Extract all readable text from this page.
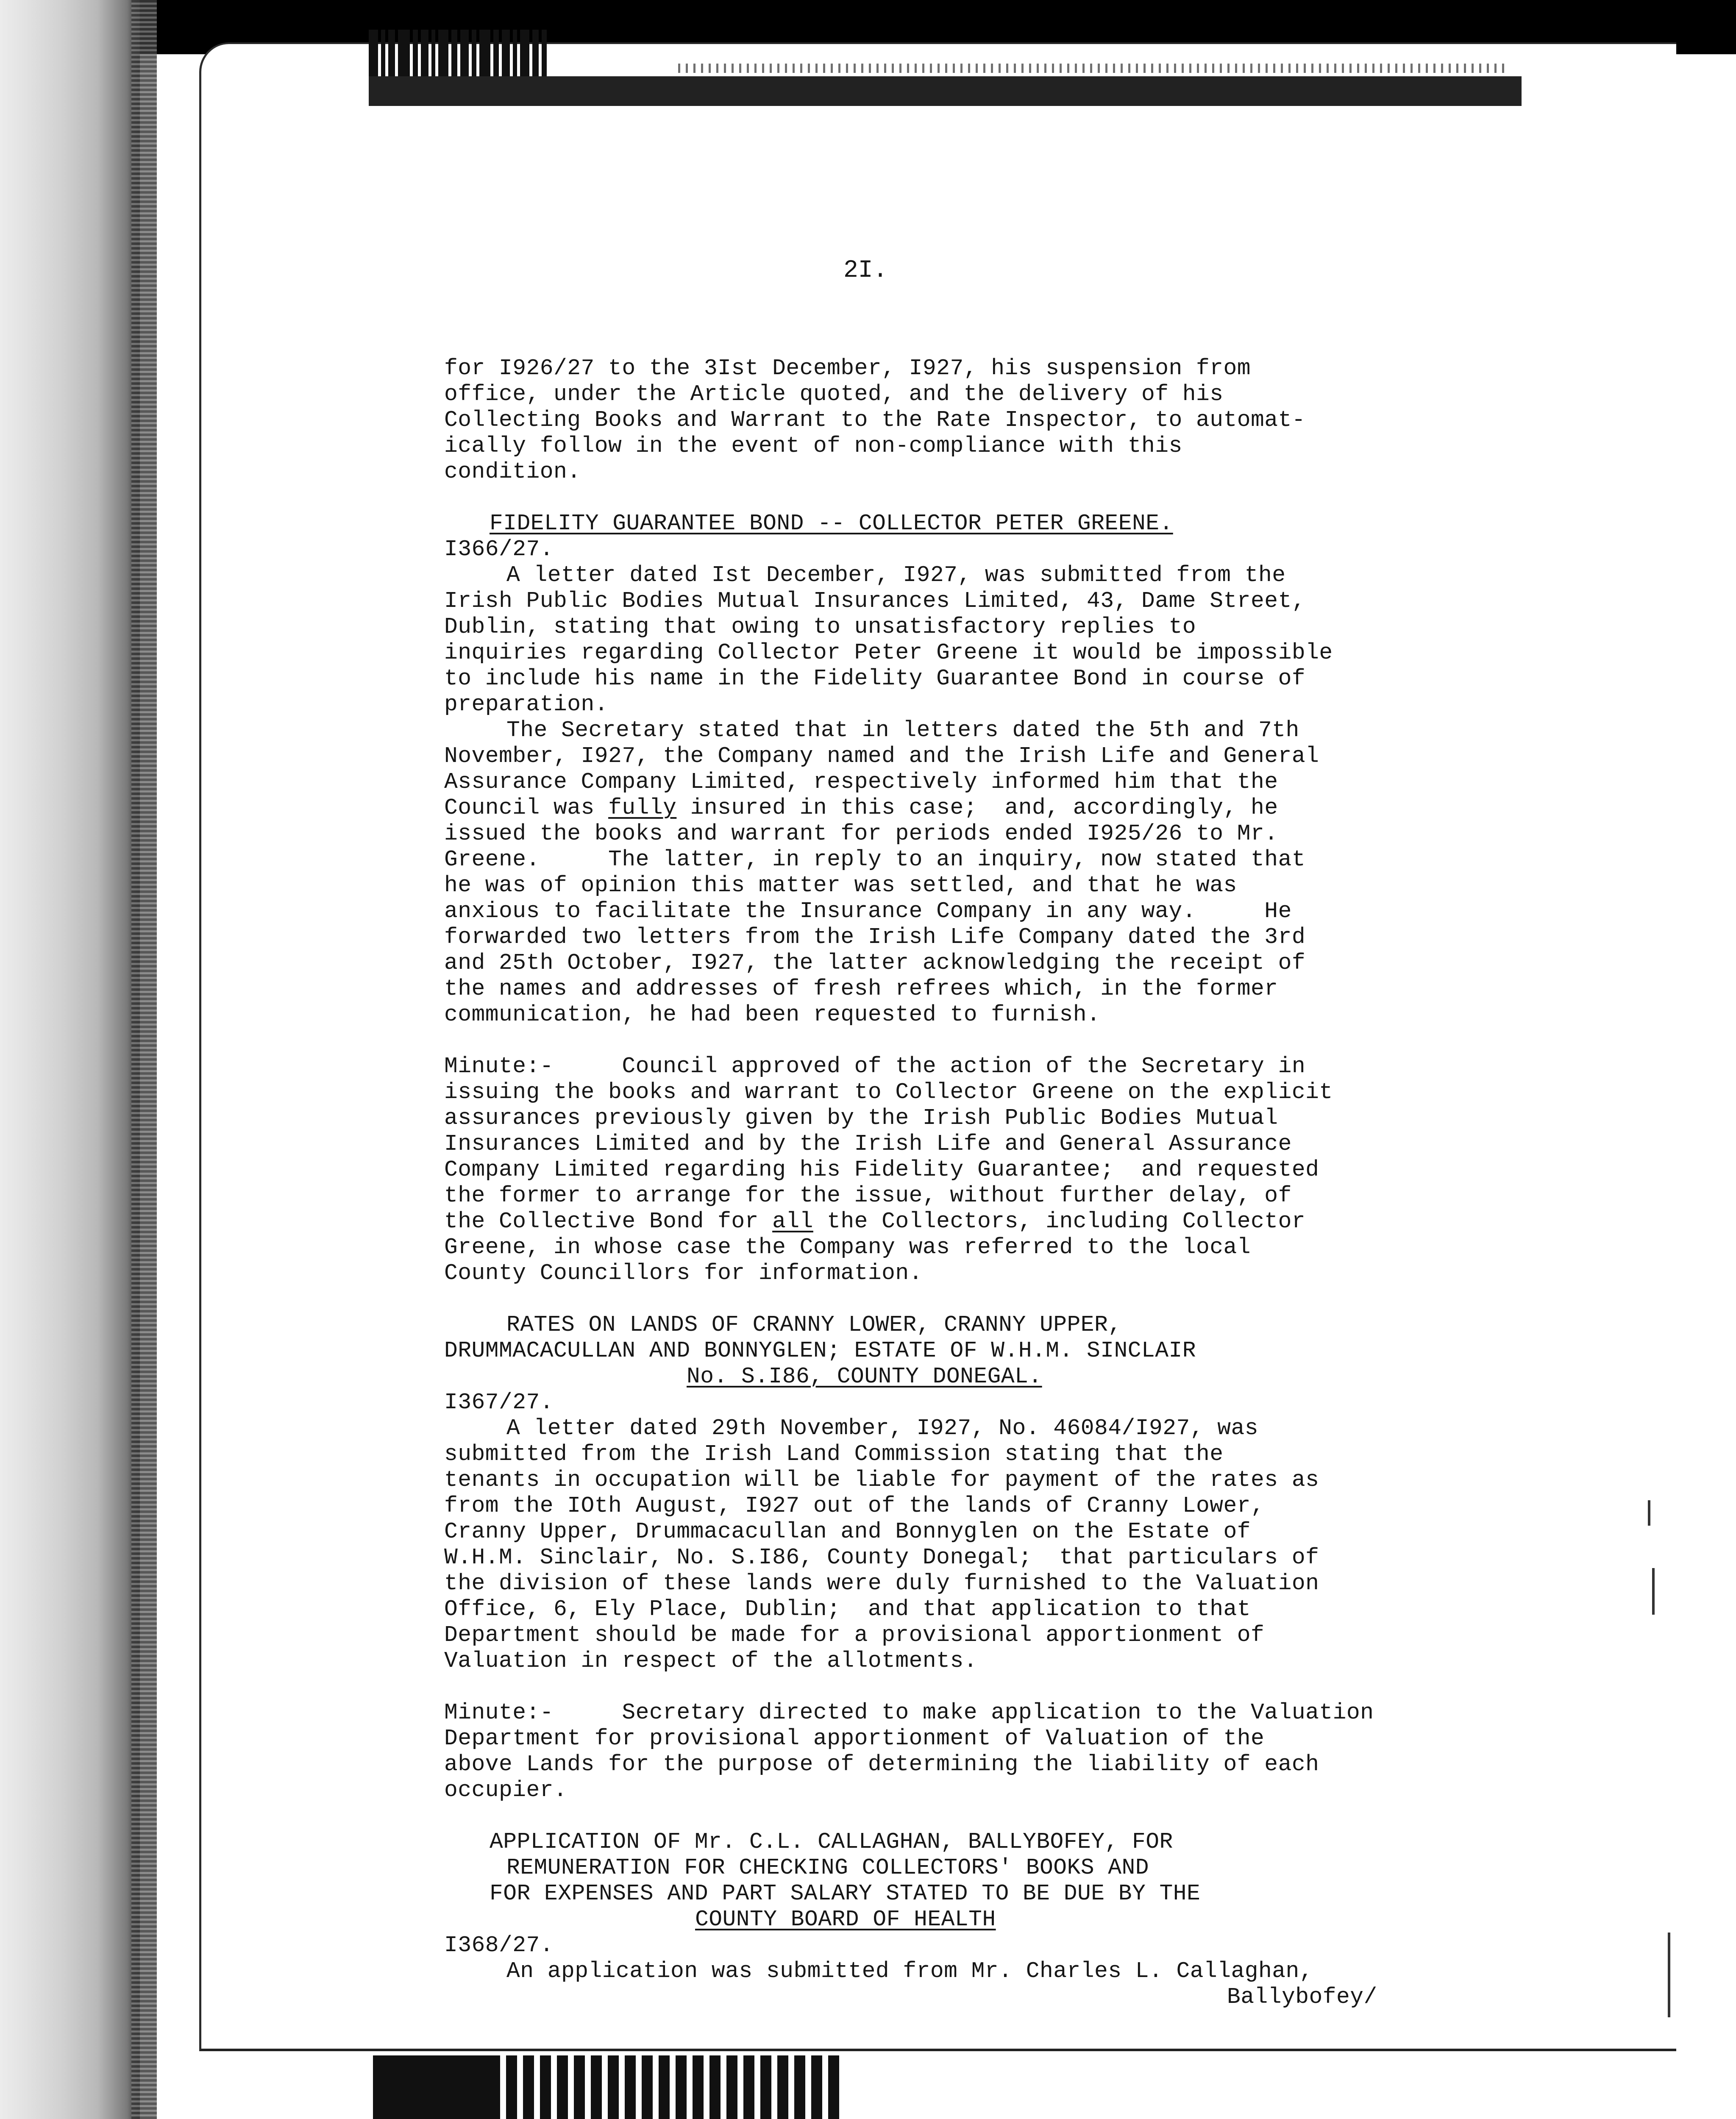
2I.
for I926/27 to the 3Ist December, I927, his suspension from
office, under the Article quoted, and the delivery of his
Collecting Books and Warrant to the Rate Inspector, to automat-
ically follow in the event of non-compliance with this
condition.
FIDELITY GUARANTEE BOND -- COLLECTOR PETER GREENE.
I366/27.
A letter dated Ist December, I927, was submitted from the
Irish Public Bodies Mutual Insurances Limited, 43, Dame Street,
Dublin, stating that owing to unsatisfactory replies to
inquiries regarding Collector Peter Greene it would be impossible
to include his name in the Fidelity Guarantee Bond in course of
preparation.
The Secretary stated that in letters dated the 5th and 7th
November, I927, the Company named and the Irish Life and General
Assurance Company Limited, respectively informed him that the
Council was fully insured in this case;  and, accordingly, he
issued the books and warrant for periods ended I925/26 to Mr.
Greene.     The latter, in reply to an inquiry, now stated that
he was of opinion this matter was settled, and that he was
anxious to facilitate the Insurance Company in any way.     He
forwarded two letters from the Irish Life Company dated the 3rd
and 25th October, I927, the latter acknowledging the receipt of
the names and addresses of fresh refrees which, in the former
communication, he had been requested to furnish.
Minute:-     Council approved of the action of the Secretary in
issuing the books and warrant to Collector Greene on the explicit
assurances previously given by the Irish Public Bodies Mutual
Insurances Limited and by the Irish Life and General Assurance
Company Limited regarding his Fidelity Guarantee;  and requested
the former to arrange for the issue, without further delay, of
the Collective Bond for all the Collectors, including Collector
Greene, in whose case the Company was referred to the local
County Councillors for information.
RATES ON LANDS OF CRANNY LOWER, CRANNY UPPER,
DRUMMACACULLAN AND BONNYGLEN; ESTATE OF W.H.M. SINCLAIR
No. S.I86, COUNTY DONEGAL.
I367/27.
A letter dated 29th November, I927, No. 46084/I927, was
submitted from the Irish Land Commission stating that the
tenants in occupation will be liable for payment of the rates as
from the IOth August, I927 out of the lands of Cranny Lower,
Cranny Upper, Drummacacullan and Bonnyglen on the Estate of
W.H.M. Sinclair, No. S.I86, County Donegal;  that particulars of
the division of these lands were duly furnished to the Valuation
Office, 6, Ely Place, Dublin;  and that application to that
Department should be made for a provisional apportionment of
Valuation in respect of the allotments.
Minute:-     Secretary directed to make application to the Valuation
Department for provisional apportionment of Valuation of the
above Lands for the purpose of determining the liability of each
occupier.
APPLICATION OF Mr. C.L. CALLAGHAN, BALLYBOFEY, FOR
REMUNERATION FOR CHECKING COLLECTORS' BOOKS AND
FOR EXPENSES AND PART SALARY STATED TO BE DUE BY THE
COUNTY BOARD OF HEALTH
I368/27.
An application was submitted from Mr. Charles L. Callaghan,
Ballybofey/
